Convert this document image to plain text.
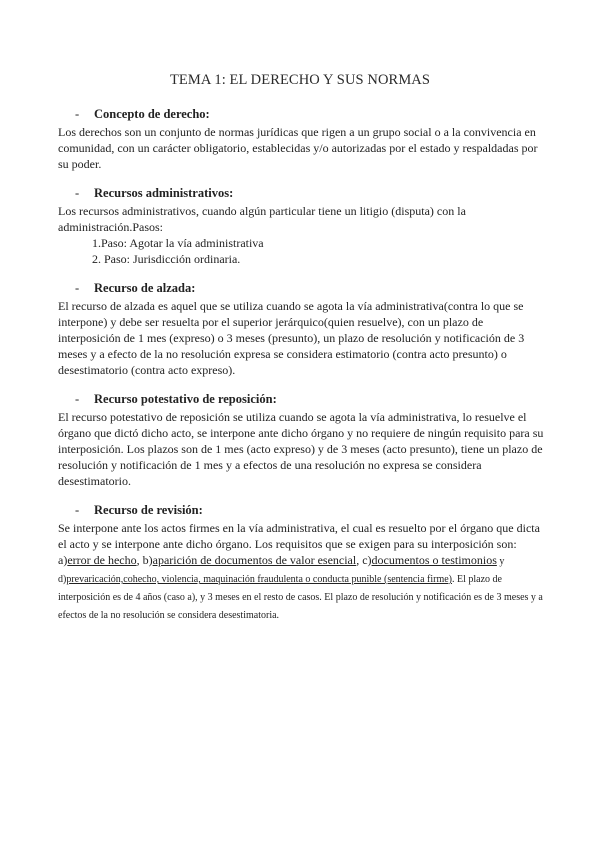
TEMA 1: EL DERECHO Y SUS NORMAS
- Concepto de derecho:
Los derechos son un conjunto de normas jurídicas que rigen a un grupo social o a la convivencia en comunidad, con un carácter obligatorio, establecidas y/o autorizadas por el estado y respaldadas por su poder.
- Recursos administrativos:
Los recursos administrativos, cuando algún particular tiene un litigio (disputa) con la administración.Pasos:
1.Paso: Agotar la vía administrativa
2. Paso: Jurisdicción ordinaria.
- Recurso de alzada:
El recurso de alzada es aquel que se utiliza cuando se agota la vía administrativa(contra lo que se interpone) y debe ser resuelta por el superior jerárquico(quien resuelve), con un plazo de interposición de 1 mes (expreso) o 3 meses (presunto), un plazo de resolución y notificación de 3 meses y a efecto de la no resolución expresa se considera estimatorio (contra acto presunto) o desestimatorio (contra acto expreso).
- Recurso potestativo de reposición:
El recurso potestativo de reposición se utiliza cuando se agota la vía administrativa, lo resuelve el órgano que dictó dicho acto, se interpone ante dicho órgano y no requiere de ningún requisito para su interposición. Los plazos son de 1 mes (acto expreso) y de 3 meses (acto presunto), tiene un plazo de resolución y notificación de 1 mes y a efectos de una resolución no expresa se considera desestimatorio.
- Recurso de revisión:
Se interpone ante los actos firmes en la vía administrativa, el cual es resuelto por el órgano que dicta el acto y se interpone ante dicho órgano. Los requisitos que se exigen para su interposición son: a)error de hecho, b)aparición de documentos de valor esencial, c)documentos o testimonios y d)prevaricación,cohecho, violencia, maquinación fraudulenta o conducta punible (sentencia firme). El plazo de interposición es de 4 años (caso a), y 3 meses en el resto de casos. El plazo de resolución y notificación es de 3 meses y a efectos de la no resolución se considera desestimatoria.
